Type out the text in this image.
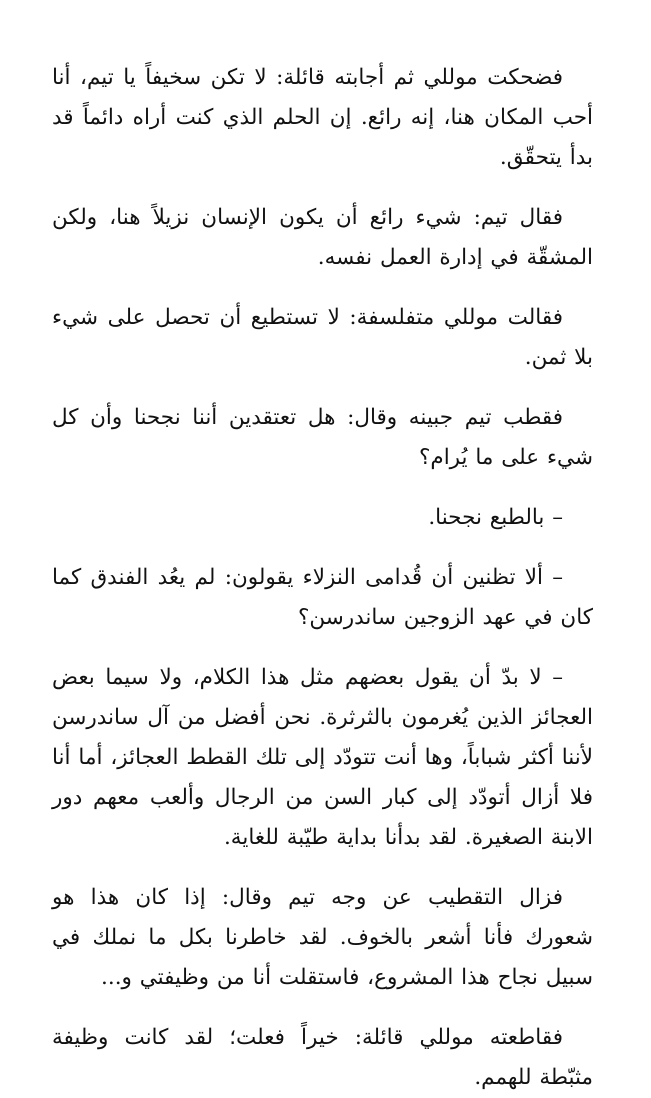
فضحكت موللي ثم أجابته قائلة: لا تكن سخيفاً يا تيم، أنا أحب المكان هنا، إنه رائع. إن الحلم الذي كنت أراه دائماً قد بدأ يتحقّق.

فقال تيم: شيء رائع أن يكون الإنسان نزيلاً هنا، ولكن المشقّة في إدارة العمل نفسه.

فقالت موللي متفلسفة: لا تستطيع أن تحصل على شيء بلا ثمن.

فقطب تيم جبينه وقال: هل تعتقدين أننا نجحنا وأن كل شيء على ما يُرام؟

– بالطبع نجحنا.

– ألا تظنين أن قُدامى النزلاء يقولون: لم يعُد الفندق كما كان في عهد الزوجين ساندرسن؟

– لا بدّ أن يقول بعضهم مثل هذا الكلام، ولا سيما بعض العجائز الذين يُغرمون بالثرثرة. نحن أفضل من آل ساندرسن لأننا أكثر شباباً، وها أنت تتودّد إلى تلك القطط العجائز، أما أنا فلا أزال أتودّد إلى كبار السن من الرجال وألعب معهم دور الابنة الصغيرة. لقد بدأنا بداية طيّبة للغاية.

فزال التقطيب عن وجه تيم وقال: إذا كان هذا هو شعورك فأنا أشعر بالخوف. لقد خاطرنا بكل ما نملك في سبيل نجاح هذا المشروع، فاستقلت أنا من وظيفتي و...

فقاطعته موللي قائلة: خيراً فعلت؛ لقد كانت وظيفة مثبّطة للهمم.
